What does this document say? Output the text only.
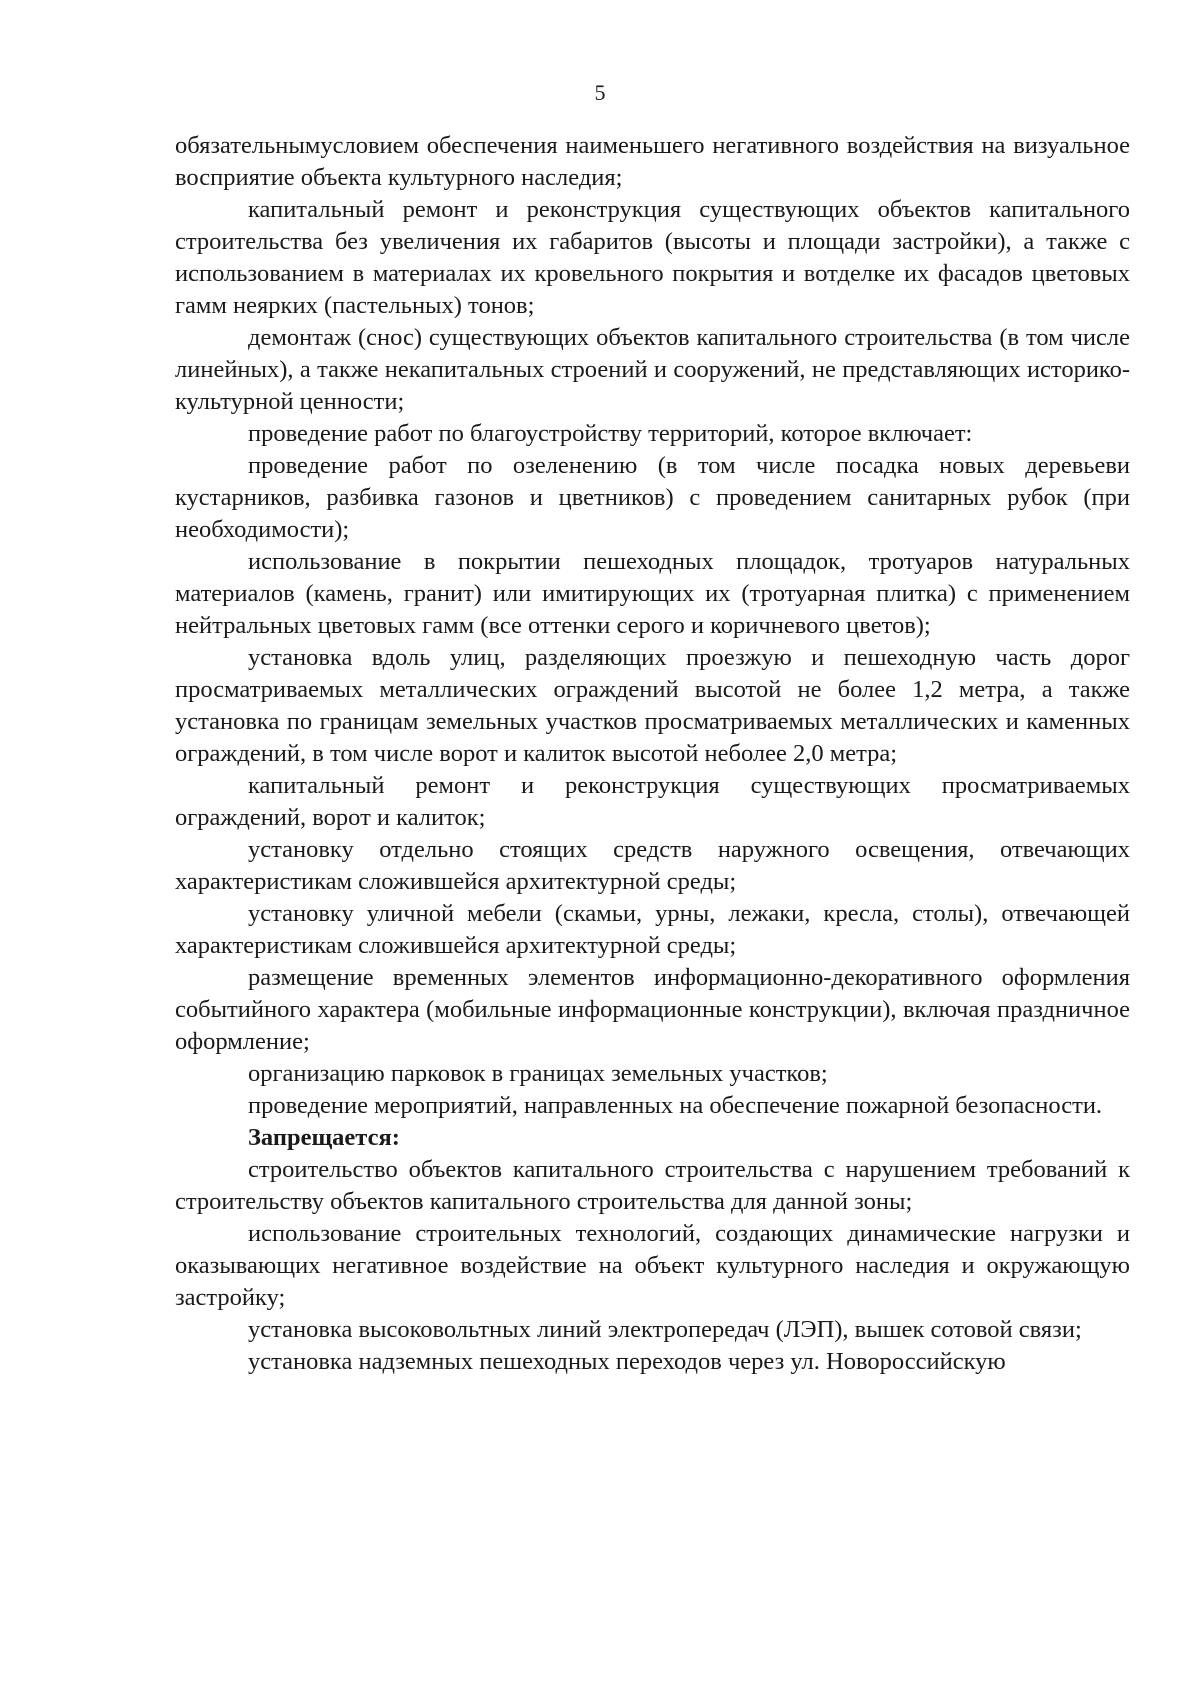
5

обязательнымусловием обеспечения наименьшего негативного воздействия на визуальное восприятие объекта культурного наследия;

капитальный ремонт и реконструкция существующих объектов капитального строительства без увеличения их габаритов (высоты и площади застройки), а также с использованием в материалах их кровельного покрытия и вотделке их фасадов цветовых гамм неярких (пастельных) тонов;

демонтаж (снос) существующих объектов капитального строительства (в том числе линейных), а также некапитальных строений и сооружений, не представляющих историко-культурной ценности;

проведение работ по благоустройству территорий, которое включает:

проведение работ по озеленению (в том числе посадка новых деревьеви кустарников, разбивка газонов и цветников) с проведением санитарных рубок (при необходимости);

использование в покрытии пешеходных площадок, тротуаров натуральных материалов (камень, гранит) или имитирующих их (тротуарная плитка) с применением нейтральных цветовых гамм (все оттенки серого и коричневого цветов);

установка вдоль улиц, разделяющих проезжую и пешеходную часть дорог просматриваемых металлических ограждений высотой не более 1,2 метра, а также установка по границам земельных участков просматриваемых металлических и каменных ограждений, в том числе ворот и калиток высотой неболее 2,0 метра;

капитальный ремонт и реконструкция существующих просматриваемых ограждений, ворот и калиток;

установку отдельно стоящих средств наружного освещения, отвечающих характеристикам сложившейся архитектурной среды;

установку уличной мебели (скамьи, урны, лежаки, кресла, столы), отвечающей характеристикам сложившейся архитектурной среды;

размещение временных элементов информационно-декоративного оформления событийного характера (мобильные информационные конструкции), включая праздничное оформление;

организацию парковок в границах земельных участков;

проведение мероприятий, направленных на обеспечение пожарной безопасности.

Запрещается:

строительство объектов капитального строительства с нарушением требований к строительству объектов капитального строительства для данной зоны;

использование строительных технологий, создающих динамические нагрузки и оказывающих негативное воздействие на объект культурного наследия и окружающую застройку;

установка высоковольтных линий электропередач (ЛЭП), вышек сотовой связи;

установка надземных пешеходных переходов через ул. Новороссийскую
